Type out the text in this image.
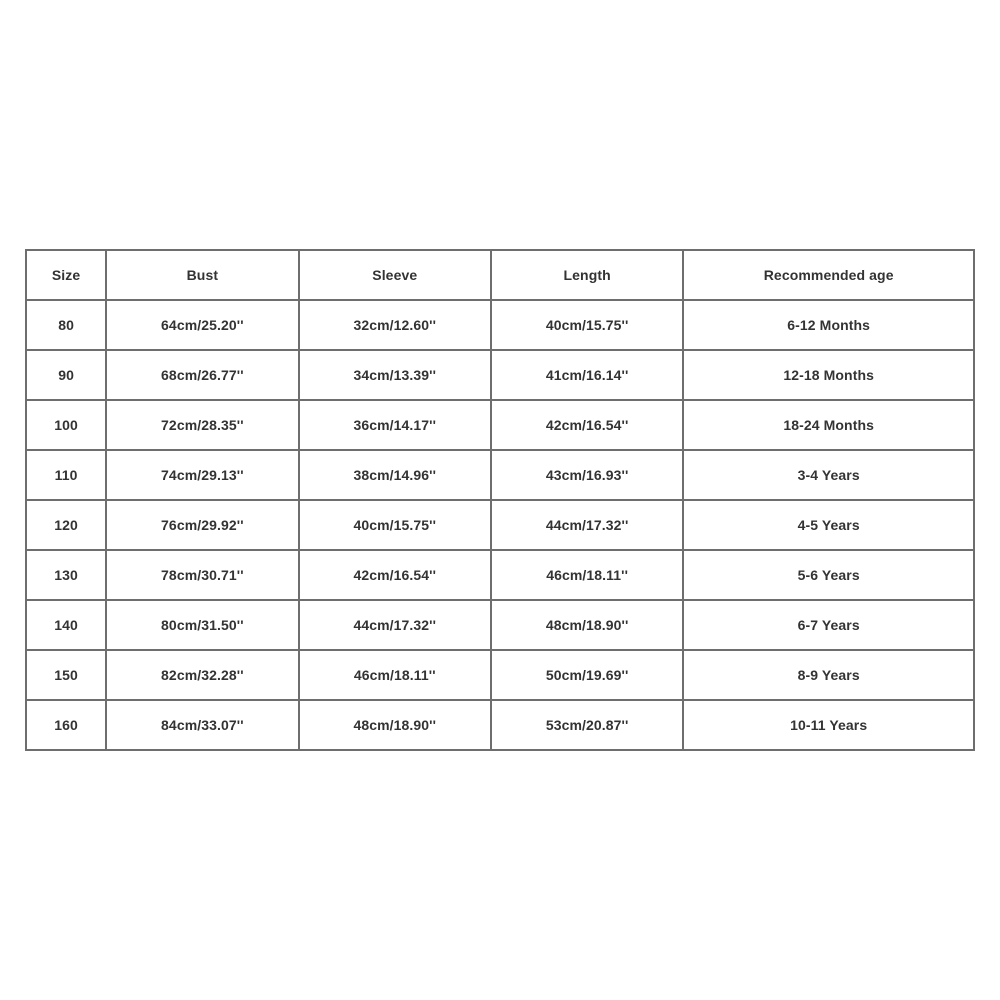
Size	Bust	Sleeve	Length	Recommended age
80	64cm/25.20''	32cm/12.60''	40cm/15.75''	6-12 Months
90	68cm/26.77''	34cm/13.39''	41cm/16.14''	12-18 Months
100	72cm/28.35''	36cm/14.17''	42cm/16.54''	18-24 Months
110	74cm/29.13''	38cm/14.96''	43cm/16.93''	3-4 Years
120	76cm/29.92''	40cm/15.75''	44cm/17.32''	4-5 Years
130	78cm/30.71''	42cm/16.54''	46cm/18.11''	5-6 Years
140	80cm/31.50''	44cm/17.32''	48cm/18.90''	6-7 Years
150	82cm/32.28''	46cm/18.11''	50cm/19.69''	8-9 Years
160	84cm/33.07''	48cm/18.90''	53cm/20.87''	10-11 Years
